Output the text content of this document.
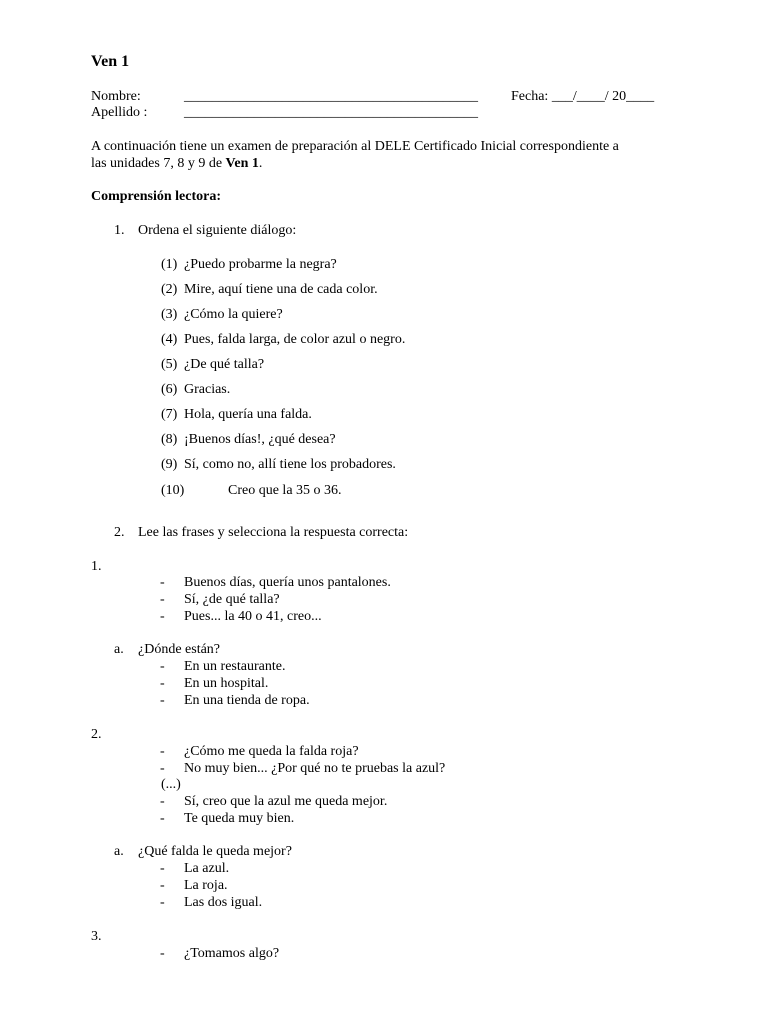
Ven 1
Nombre:	__________________________________________ Fecha: ___/____/ 20____
Apellido :	__________________________________________
A continuación tiene un examen de preparación al DELE Certificado Inicial correspondiente a
las unidades 7, 8 y 9 de Ven 1.
Comprensión lectora:
1. Ordena el siguiente diálogo:
(1) ¿Puedo probarme la negra?
(2) Mire, aquí tiene una de cada color.
(3) ¿Cómo la quiere?
(4) Pues, falda larga, de color azul o negro.
(5) ¿De qué talla?
(6) Gracias.
(7) Hola, quería una falda.
(8) ¡Buenos días!, ¿qué desea?
(9) Sí, como no, allí tiene los probadores.
(10)	Creo que la 35 o 36.
2. Lee las frases y selecciona la respuesta correcta:
1.
- Buenos días, quería unos pantalones.
- Sí, ¿de qué talla?
- Pues... la 40 o 41, creo...
a. ¿Dónde están?
- En un restaurante.
- En un hospital.
- En una tienda de ropa.
2.
- ¿Cómo me queda la falda roja?
- No muy bien... ¿Por qué no te pruebas la azul?
(...)
- Sí, creo que la azul me queda mejor.
- Te queda muy bien.
a. ¿Qué falda le queda mejor?
- La azul.
- La roja.
- Las dos igual.
3.
- ¿Tomamos algo?
